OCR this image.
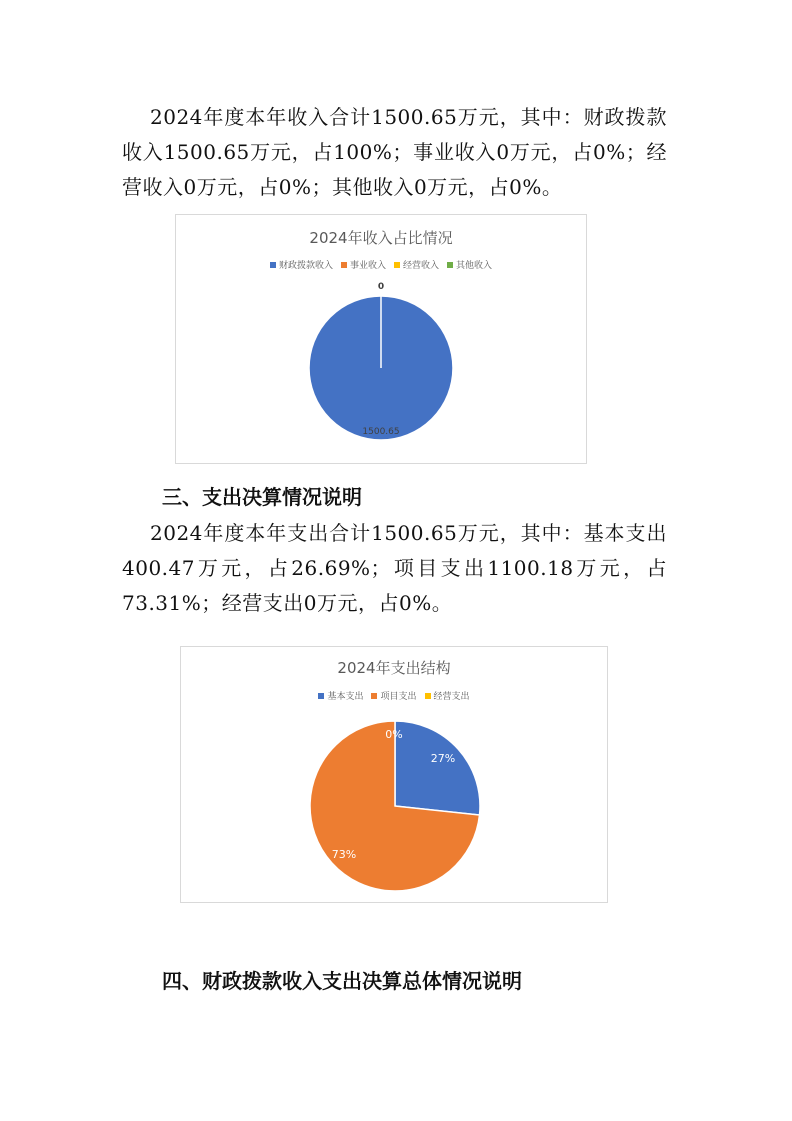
2024年度本年收入合计1500.65万元，其中：财政拨款收入1500.65万元，占100%；事业收入0万元，占0%；经营收入0万元，占0%；其他收入0万元，占0%。
2024年收入占比情况
财政拨款收入 事业收入 经营收入 其他收入
1500.65
0
三、支出决算情况说明
2024年度本年支出合计1500.65万元，其中：基本支出400.47万元，占26.69%；项目支出1100.18万元，占73.31%；经营支出0万元，占0%。
2024年支出结构
基本支出 项目支出 经营支出
27%
73%
0%
四、财政拨款收入支出决算总体情况说明
